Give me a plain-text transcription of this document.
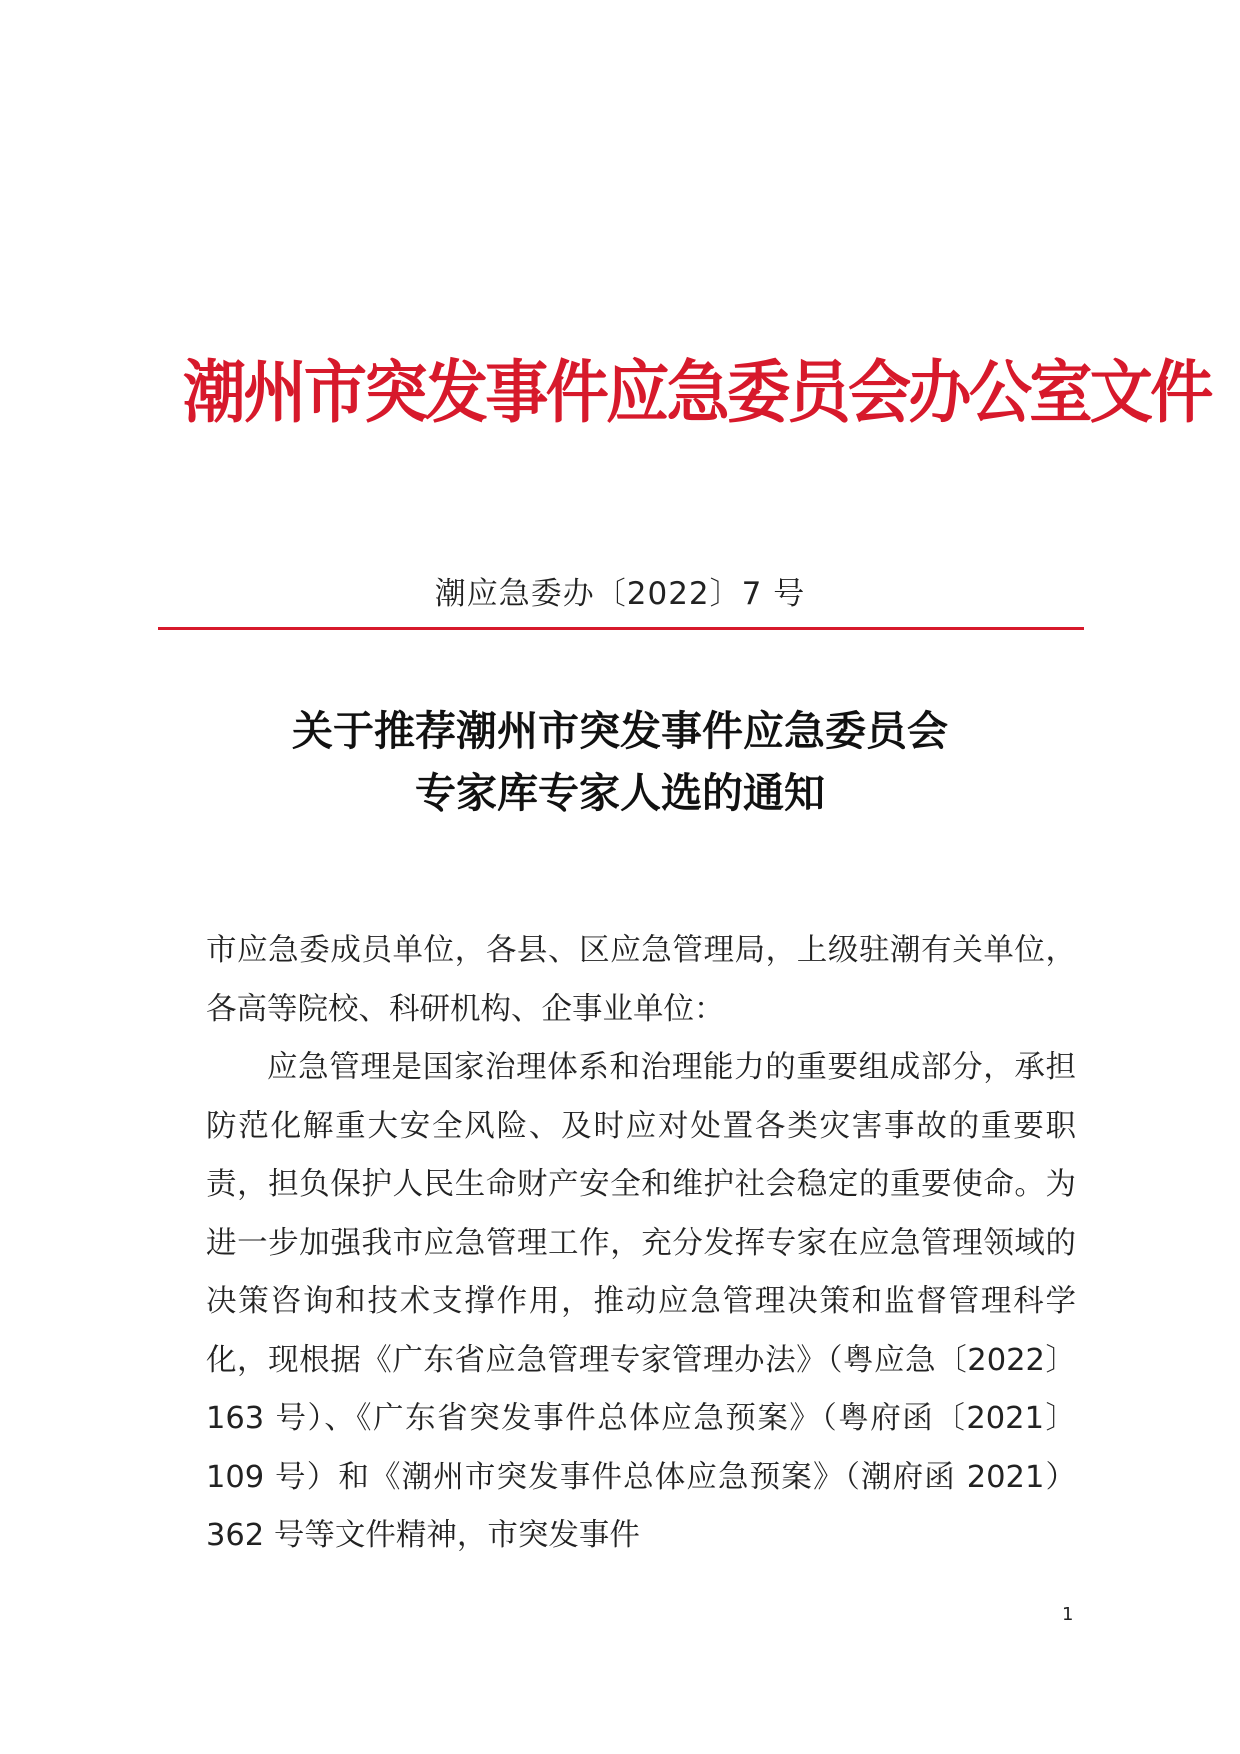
潮州市突发事件应急委员会办公室文件
潮应急委办〔2022〕7 号
关于推荐潮州市突发事件应急委员会
专家库专家人选的通知

市应急委成员单位，各县、区应急管理局，上级驻潮有关单位，各高等院校、科研机构、企事业单位：

应急管理是国家治理体系和治理能力的重要组成部分，承担防范化解重大安全风险、及时应对处置各类灾害事故的重要职责，担负保护人民生命财产安全和维护社会稳定的重要使命。为进一步加强我市应急管理工作，充分发挥专家在应急管理领域的决策咨询和技术支撑作用，推动应急管理决策和监督管理科学化，现根据《广东省应急管理专家管理办法》（粤应急〔2022〕163 号）、《广东省突发事件总体应急预案》（粤府函〔2021〕109 号）和《潮州市突发事件总体应急预案》（潮府函 2021）362 号等文件精神，市突发事件

1
